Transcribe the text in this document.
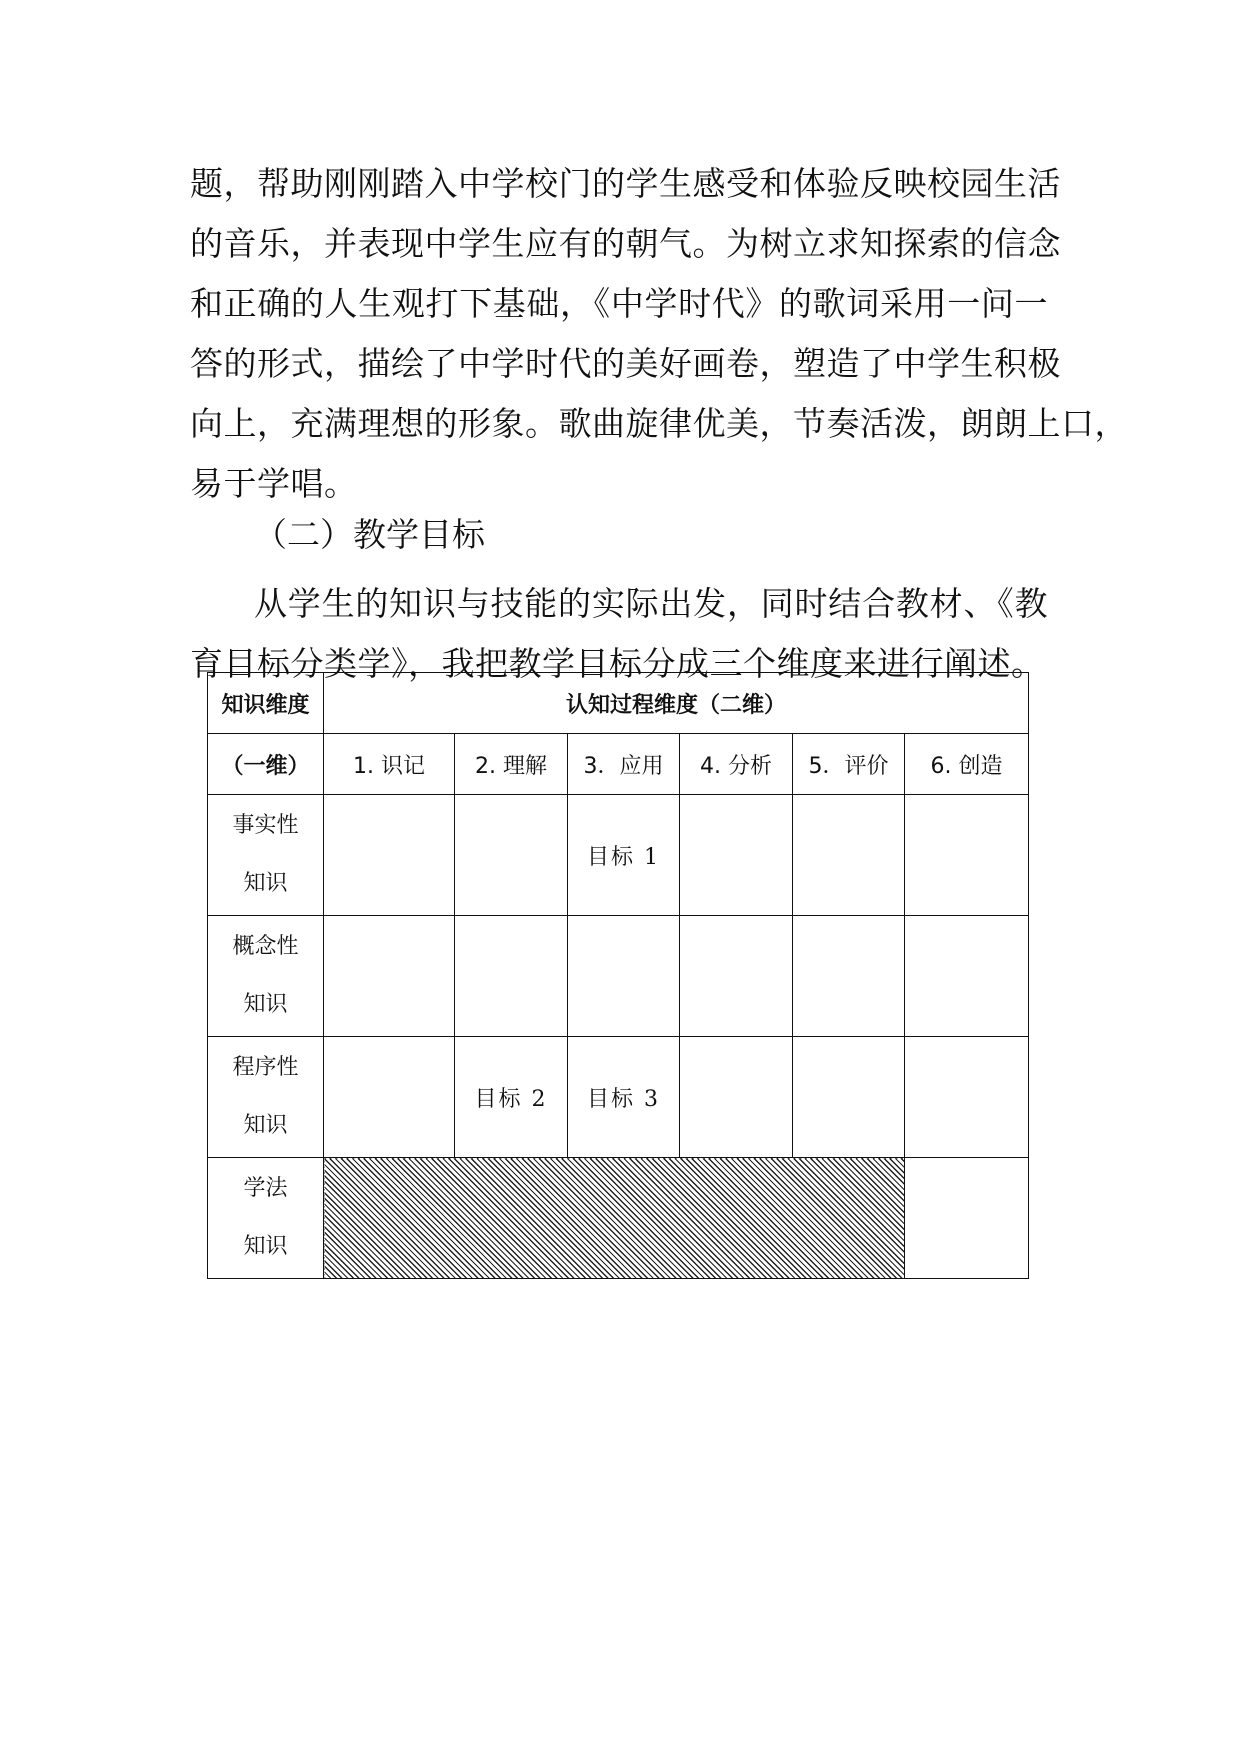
题，帮助刚刚踏入中学校门的学生感受和体验反映校园生活
的音乐，并表现中学生应有的朝气。为树立求知探索的信念
和正确的人生观打下基础，《中学时代》的歌词采用一问一
答的形式，描绘了中学时代的美好画卷，塑造了中学生积极
向上，充满理想的形象。歌曲旋律优美，节奏活泼，朗朗上口，
易于学唱。
（二）教学目标
从学生的知识与技能的实际出发，同时结合教材、《教
育目标分类学》，我把教学目标分成三个维度来进行阐述。
知识维度	认知过程维度（二维）					
（一维）	1. 识记	2. 理解	3．应用	4. 分析	5．评价	6. 创造

事实性
知识			目标 1			

概念性
知识						

程序性
知识		目标 2	目标 3			

学法
知识						
